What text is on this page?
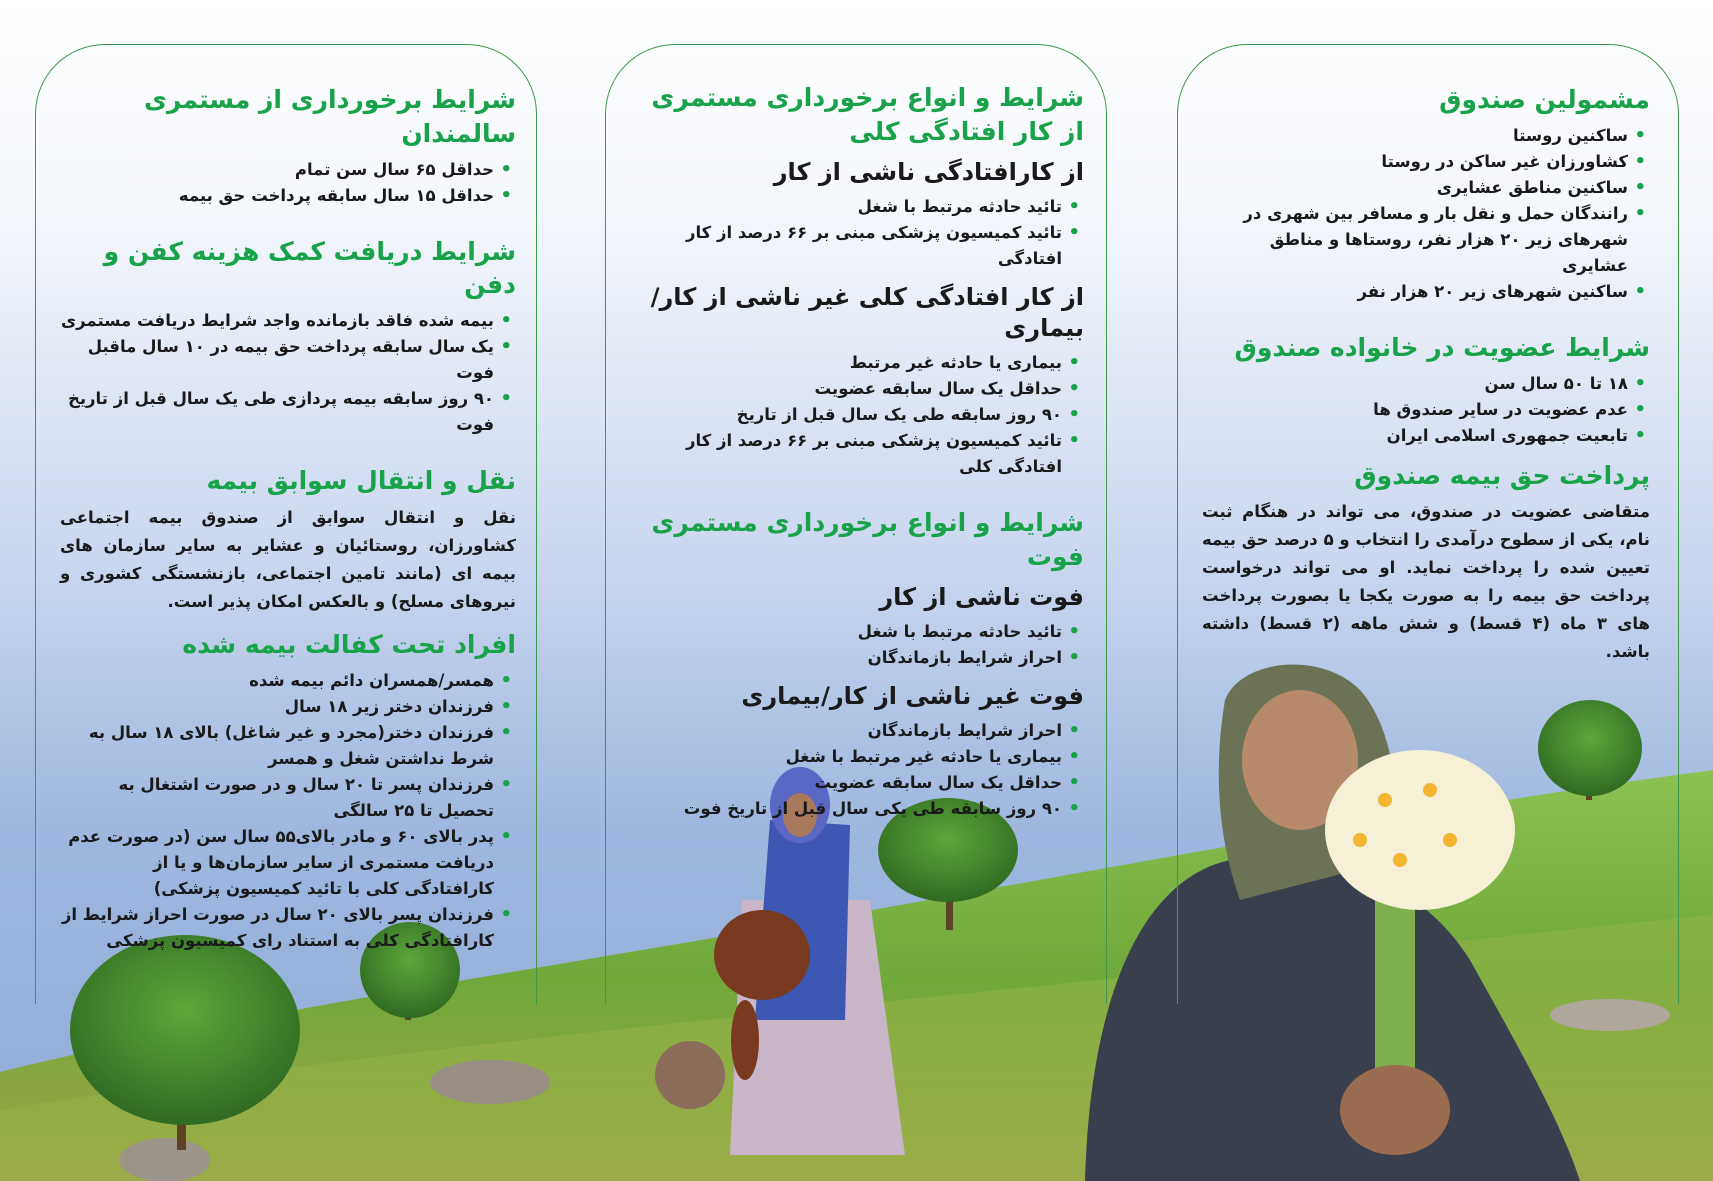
مشمولین صندوق
• ساکنین روستا
• کشاورزان غیر ساکن در روستا
• ساکنین مناطق عشایری
• رانندگان حمل و نقل بار و مسافر بین شهری در شهرهای زیر ۲۰ هزار نفر، روستاها و مناطق عشایری
• ساکنین شهرهای زیر ۲۰ هزار نفر
شرایط عضویت در خانواده صندوق
• ۱۸ تا ۵۰ سال سن
• عدم عضویت در سایر صندوق ها
• تابعیت جمهوری اسلامی ایران
پرداخت حق بیمه صندوق

متقاضی عضویت در صندوق، می تواند در هنگام ثبت نام، یکی از سطوح درآمدی را انتخاب و ۵ درصد حق بیمه تعیین شده را پرداخت نماید. او می تواند درخواست پرداخت حق بیمه را به صورت یکجا یا بصورت پرداخت های ۳ ماه (۴ قسط) و شش ماهه (۲ قسط) داشته باشد.

شرایط و انواع برخورداری مستمری از کار افتادگی کلی
از کارافتادگی ناشی از کار
• تائید حادثه مرتبط با شغل
• تائید کمیسیون پزشکی مبنی بر ۶۶ درصد از کار افتادگی
از کار افتادگی کلی غیر ناشی از کار/بیماری
• بیماری یا حادثه غیر مرتبط
• حداقل یک سال سابقه عضویت
• ۹۰ روز سابقه طی یک سال قبل از تاریخ
• تائید کمیسیون پزشکی مبنی بر ۶۶ درصد از کار افتادگی کلی
شرایط و انواع برخورداری مستمری فوت
فوت ناشی از کار
• تائید حادثه مرتبط با شغل
• احراز شرایط بازماندگان
فوت غیر ناشی از کار/بیماری
• احراز شرایط بازماندگان
• بیماری یا حادثه غیر مرتبط با شغل
• حداقل یک سال سابقه عضویت
• ۹۰ روز سابقه طی یکی سال قبل از تاریخ فوت
شرایط برخورداری از مستمری سالمندان
• حداقل ۶۵ سال سن تمام
• حداقل ۱۵ سال سابقه پرداخت حق بیمه
شرایط دریافت کمک هزینه کفن و دفن
• بیمه شده فاقد بازمانده واجد شرایط دریافت مستمری
• یک سال سابقه پرداخت حق بیمه در ۱۰ سال ماقبل فوت
• ۹۰ روز سابقه بیمه پردازی طی یک سال قبل از تاریخ فوت
نقل و انتقال سوابق بیمه

نقل و انتقال سوابق از صندوق بیمه اجتماعی کشاورزان، روستائیان و عشایر به سایر سازمان های بیمه ای (مانند تامین اجتماعی، بازنشستگی کشوری و نیروهای مسلح) و بالعکس امکان پذیر است.

افراد تحت کفالت بیمه شده
• همسر/همسران دائم بیمه شده
• فرزندان دختر زیر ۱۸ سال
• فرزندان دختر(مجرد و غیر شاغل) بالای ۱۸ سال به شرط نداشتن شغل و همسر
• فرزندان پسر تا ۲۰ سال و در صورت اشتغال به تحصیل تا ۲۵ سالگی
• پدر بالای ۶۰ و مادر بالای۵۵ سال سن (در صورت عدم دریافت مستمری از سایر سازمان‌ها و یا از کارافتادگی کلی با تائید کمیسیون پزشکی)
• فرزندان پسر بالای ۲۰ سال در صورت احراز شرایط از کارافتادگی کلی به استناد رای کمیسیون پزشکی
